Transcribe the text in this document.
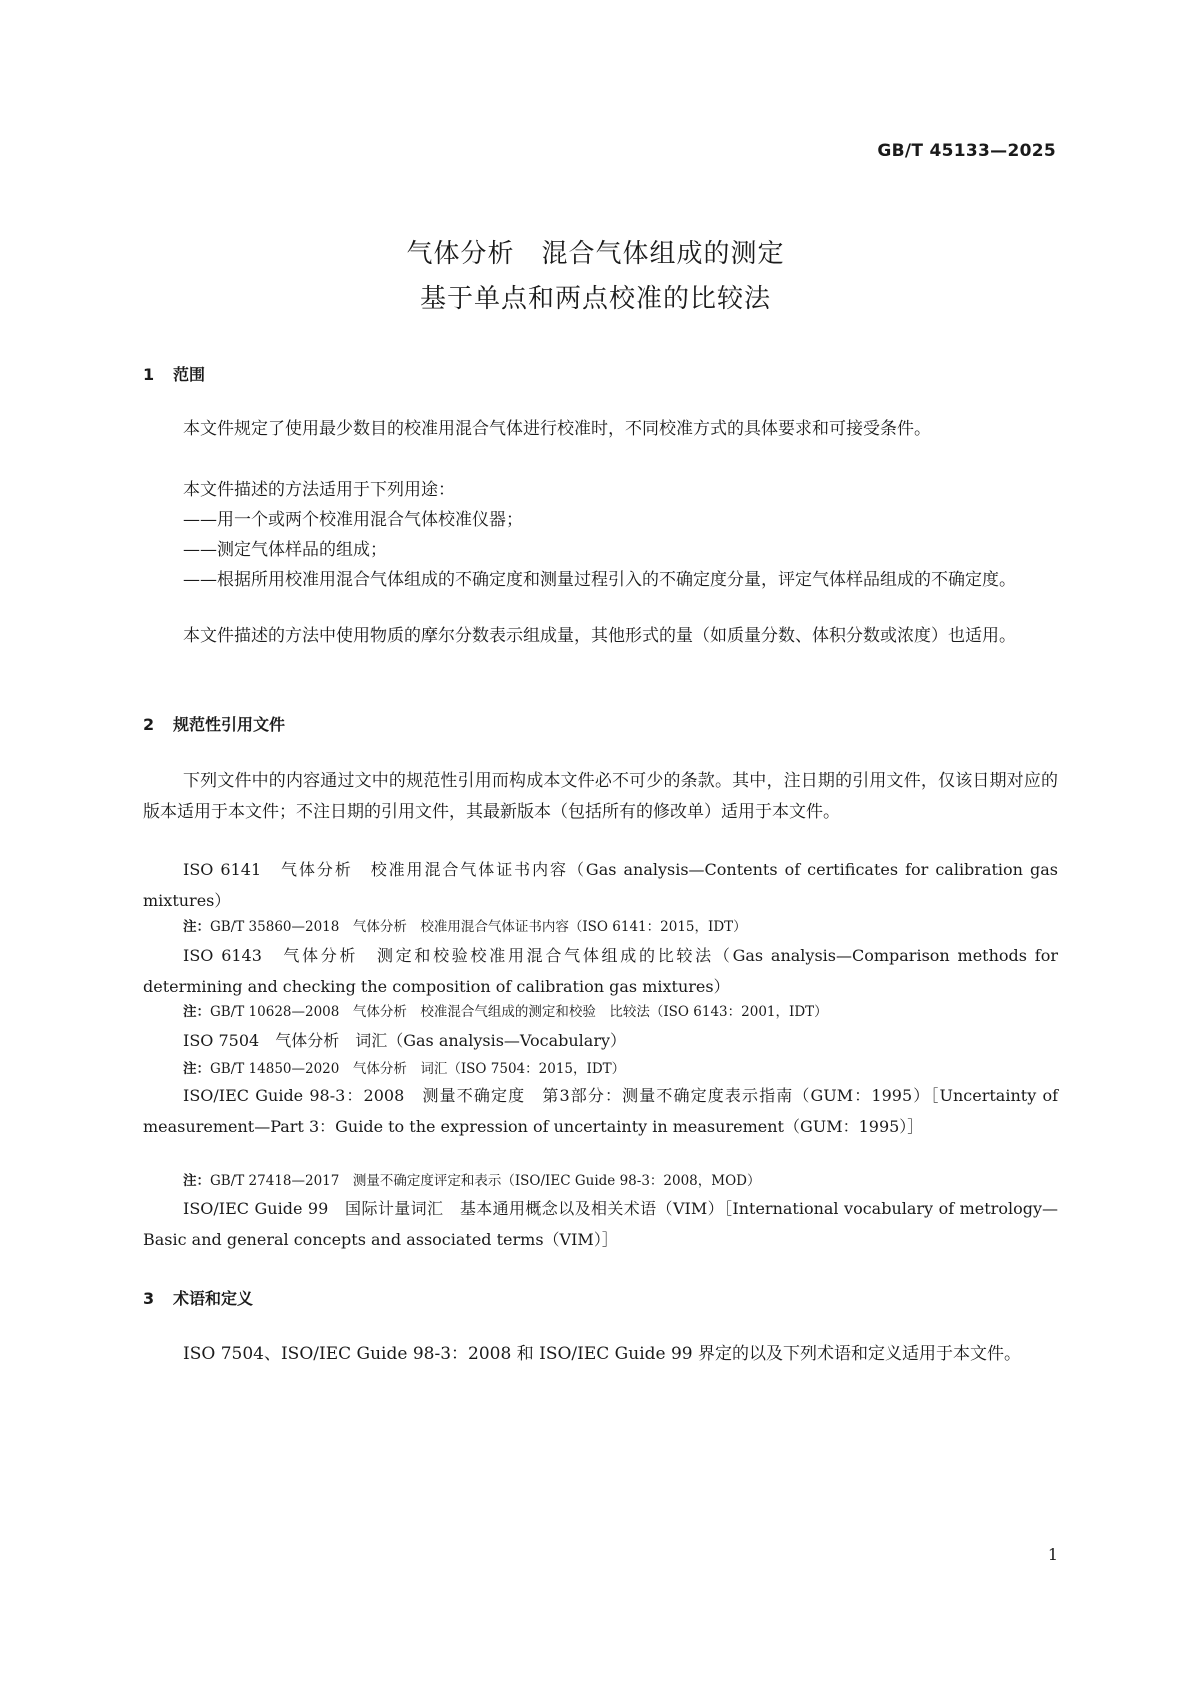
GB/T 45133—2025
气体分析　混合气体组成的测定
基于单点和两点校准的比较法
1 范围
本文件规定了使用最少数目的校准用混合气体进行校准时，不同校准方式的具体要求和可接受条件。
本文件描述的方法适用于下列用途：
——用一个或两个校准用混合气体校准仪器；
——测定气体样品的组成；
——根据所用校准用混合气体组成的不确定度和测量过程引入的不确定度分量，评定气体样品组成的不确定度。
本文件描述的方法中使用物质的摩尔分数表示组成量，其他形式的量（如质量分数、体积分数或浓度）也适用。
2 规范性引用文件
下列文件中的内容通过文中的规范性引用而构成本文件必不可少的条款。其中，注日期的引用文件，仅该日期对应的版本适用于本文件；不注日期的引用文件，其最新版本（包括所有的修改单）适用于本文件。
ISO 6141　气体分析　校准用混合气体证书内容（Gas analysis—Contents of certificates for calibration gas mixtures）
注：GB/T 35860—2018　气体分析　校准用混合气体证书内容（ISO 6141：2015，IDT）
ISO 6143　气体分析　测定和校验校准用混合气体组成的比较法（Gas analysis—Comparison methods for determining and checking the composition of calibration gas mixtures）
注：GB/T 10628—2008　气体分析　校准混合气组成的测定和校验　比较法（ISO 6143：2001，IDT）
ISO 7504　气体分析　词汇（Gas analysis—Vocabulary）
注：GB/T 14850—2020　气体分析　词汇（ISO 7504：2015，IDT）
ISO/IEC Guide 98-3：2008　测量不确定度　第3部分：测量不确定度表示指南（GUM：1995）［Uncertainty of measurement—Part 3：Guide to the expression of uncertainty in measurement（GUM：1995）］
注：GB/T 27418—2017　测量不确定度评定和表示（ISO/IEC Guide 98-3：2008，MOD）
ISO/IEC Guide 99　国际计量词汇　基本通用概念以及相关术语（VIM）［International vocabulary of metrology—Basic and general concepts and associated terms（VIM）］
3 术语和定义
ISO 7504、ISO/IEC Guide 98-3：2008 和 ISO/IEC Guide 99 界定的以及下列术语和定义适用于本文件。
1
